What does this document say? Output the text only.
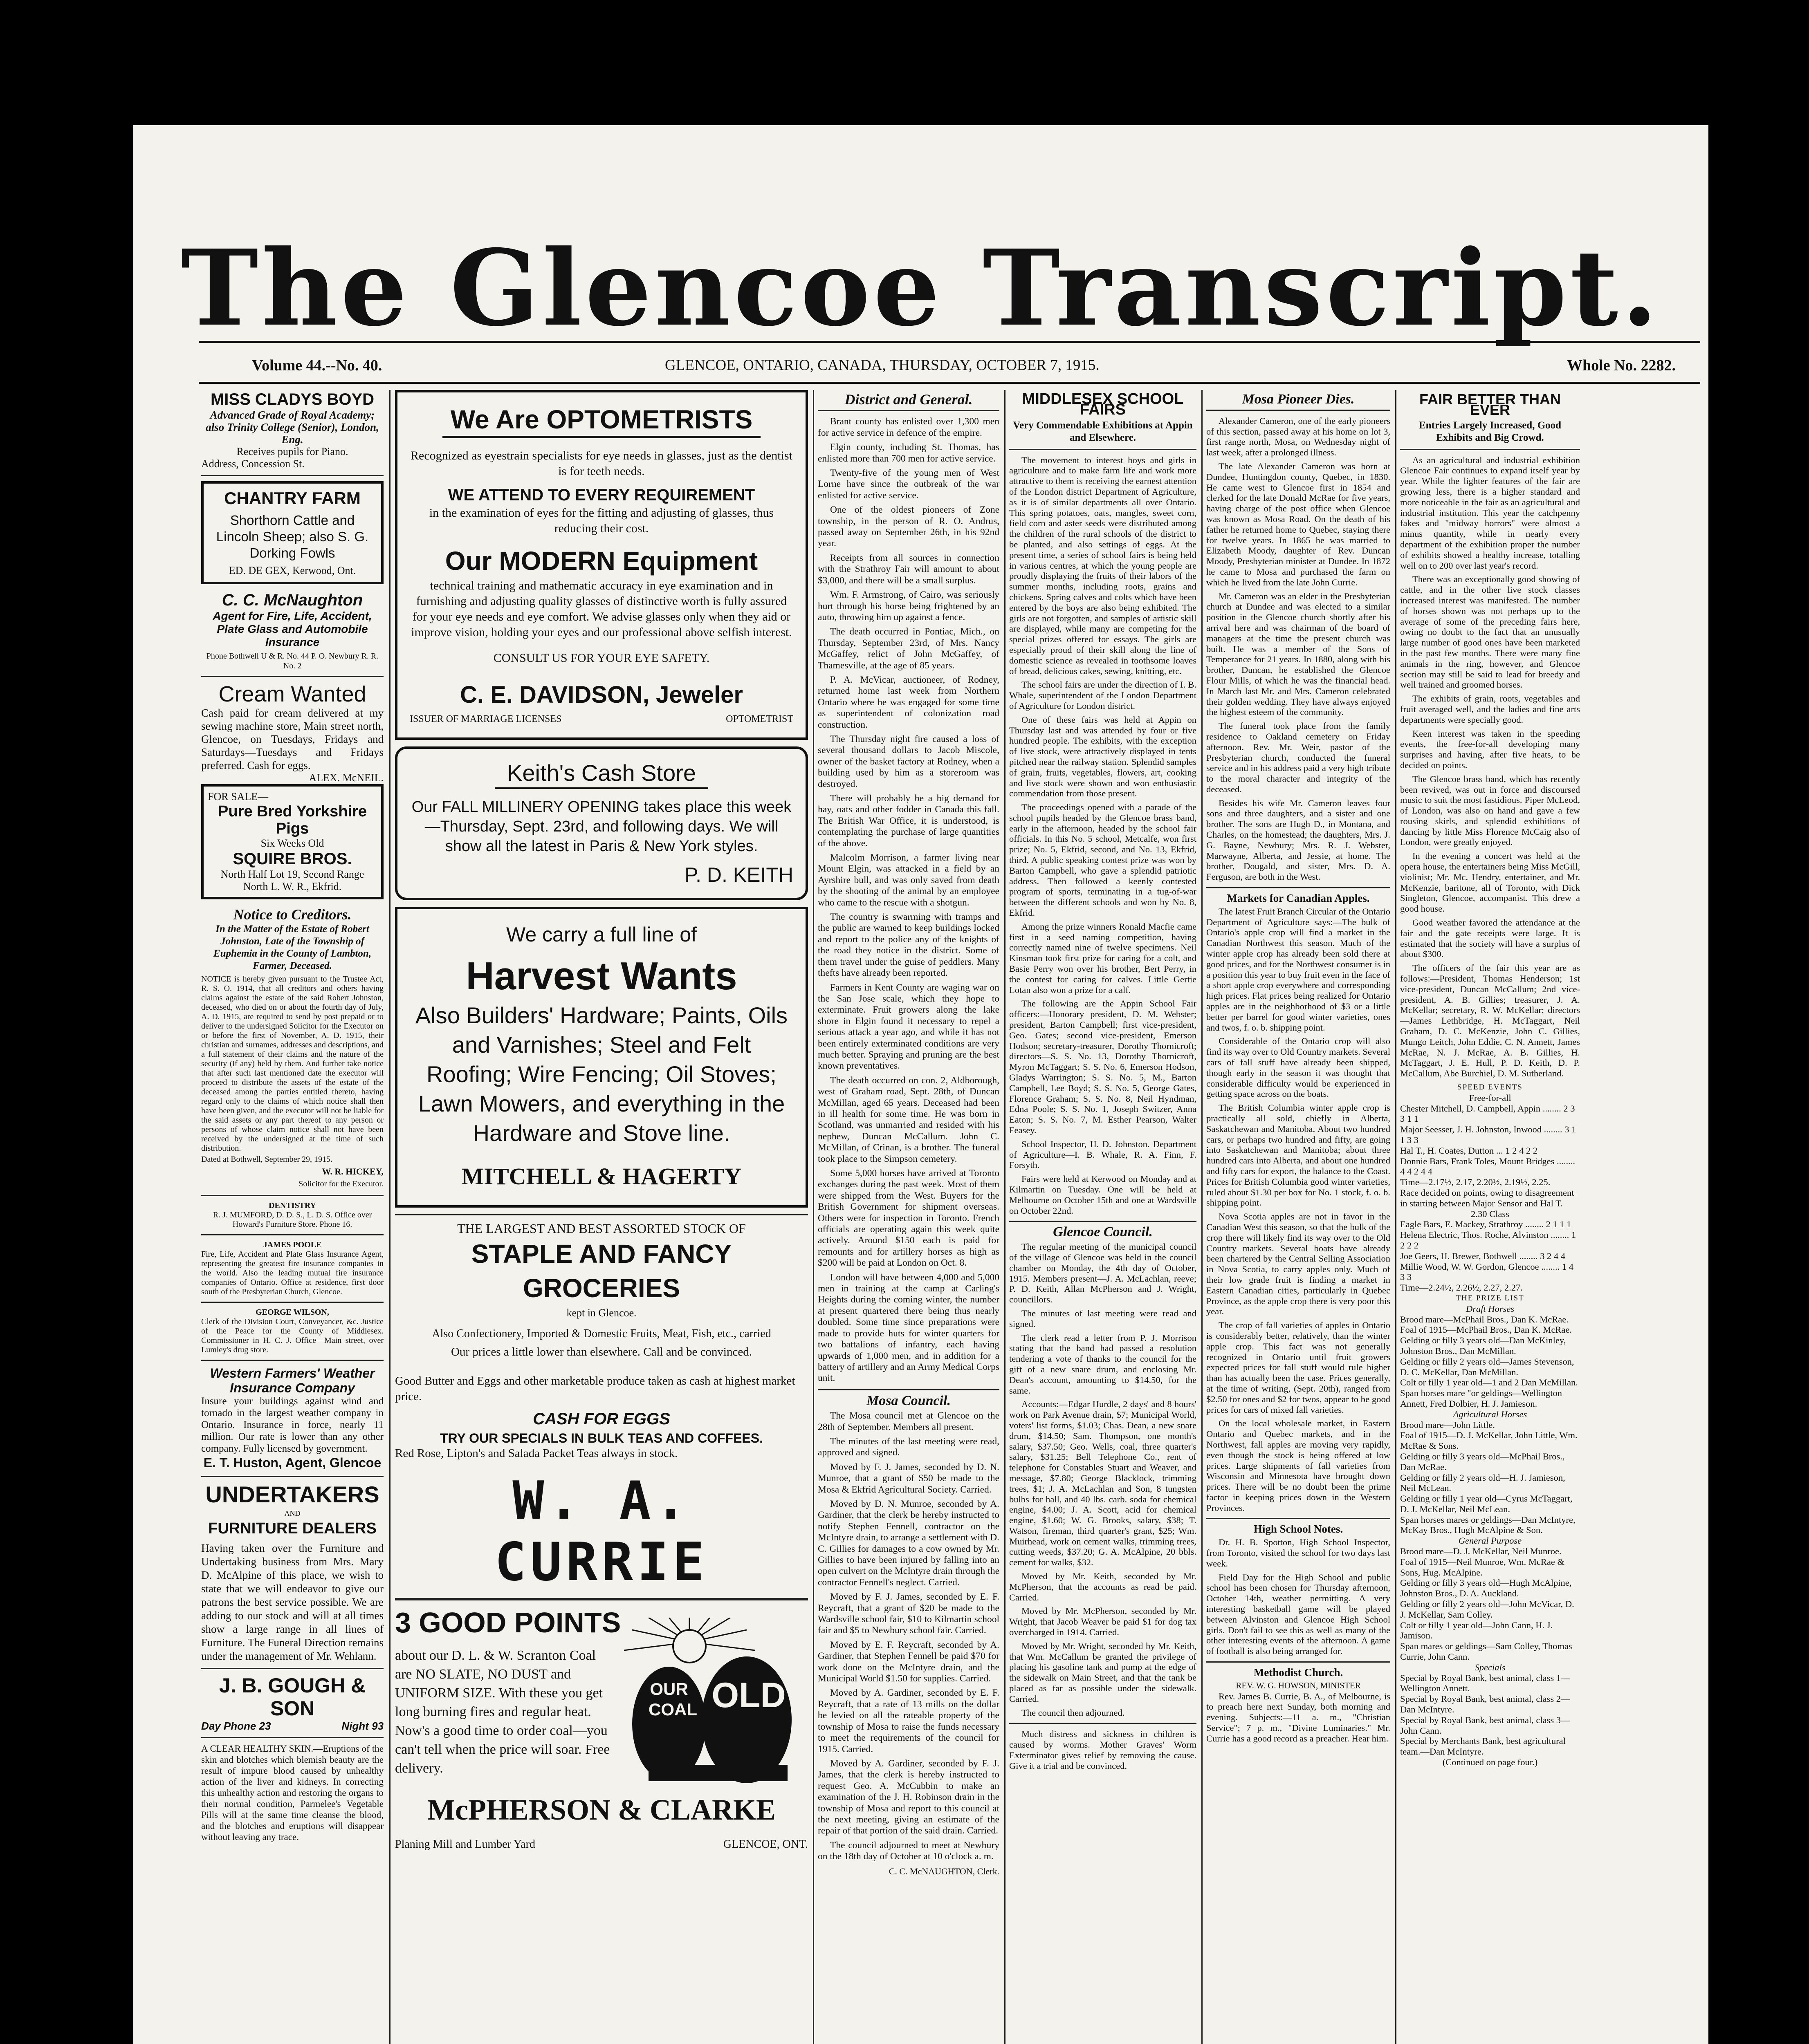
The Glencoe Transcript.
Volume 44.--No. 40.	GLENCOE, ONTARIO, CANADA, THURSDAY, OCTOBER 7, 1915.	Whole No. 2282.
MISS CLADYS BOYD
Advanced Grade of Royal Academy; also Trinity College (Senior), London, Eng.
Receives pupils for Piano.
Address, Concession St.
CHANTRY FARM
Shorthorn Cattle and Lincoln Sheep; also S. G. Dorking Fowls
ED. DE GEX, Kerwood, Ont.
C. C. McNaughton
Agent for Fire, Life, Accident, Plate Glass and Automobile Insurance
Phone Bothwell U & R. No. 44 P. O. Newbury R. R. No. 2
Cream Wanted
Cash paid for cream delivered at my sewing machine store, Main street north, Glencoe, on Tuesdays, Fridays and Saturdays—Tuesdays and Fridays preferred. Cash for eggs.
ALEX. McNEIL.
FOR SALE—
Pure Bred Yorkshire Pigs
Six Weeks Old
SQUIRE BROS.
North Half Lot 19, Second Range North L. W. R., Ekfrid.
Notice to Creditors.
In the Matter of the Estate of Robert Johnston, Late of the Township of Euphemia in the County of Lambton, Farmer, Deceased.
NOTICE is hereby given pursuant to the Trustee Act, R. S. O. 1914, that all creditors and others having claims against the estate of the said Robert Johnston, deceased, who died on or about the fourth day of July, A. D. 1915, are required to send by post prepaid or to deliver to the undersigned Solicitor for the Executor on or before the first of November, A. D. 1915, their christian and surnames, addresses and descriptions, and a full statement of their claims and the nature of the security (if any) held by them. And further take notice that after such last mentioned date the executor will proceed to distribute the assets of the estate of the deceased among the parties entitled thereto, having regard only to the claims of which notice shall then have been given, and the executor will not be liable for the said assets or any part thereof to any person or persons of whose claim notice shall not have been received by the undersigned at the time of such distribution.
Dated at Bothwell, September 29, 1915.
W. R. HICKEY,
Solicitor for the Executor.
DENTISTRY
R. J. MUMFORD, D. D. S., L. D. S. Office over Howard's Furniture Store. Phone 16.
JAMES POOLE
Fire, Life, Accident and Plate Glass Insurance Agent, representing the greatest fire insurance companies in the world. Also the leading mutual fire insurance companies of Ontario. Office at residence, first door south of the Presbyterian Church, Glencoe.
GEORGE WILSON,
Clerk of the Division Court, Conveyancer, &c. Justice of the Peace for the County of Middlesex. Commissioner in H. C. J. Office—Main street, over Lumley's drug store.
Western Farmers' Weather Insurance Company
Insure your buildings against wind and tornado in the largest weather company in Ontario. Insurance in force, nearly 11 million. Our rate is lower than any other company. Fully licensed by government.
E. T. Huston, Agent, Glencoe
UNDERTAKERS
AND
FURNITURE DEALERS
Having taken over the Furniture and Undertaking business from Mrs. Mary D. McAlpine of this place, we wish to state that we will endeavor to give our patrons the best service possible. We are adding to our stock and will at all times show a large range in all lines of Furniture. The Funeral Direction remains under the management of Mr. Wehlann.
J. B. GOUGH & SON
Day Phone 23	Night 93
A CLEAR HEALTHY SKIN.—Eruptions of the skin and blotches which blemish beauty are the result of impure blood caused by unhealthy action of the liver and kidneys. In correcting this unhealthy action and restoring the organs to their normal condition, Parmelee's Vegetable Pills will at the same time cleanse the blood, and the blotches and eruptions will disappear without leaving any trace.
We Are OPTOMETRISTS
Recognized as eyestrain specialists for eye needs in glasses, just as the dentist is for teeth needs.
WE ATTEND TO EVERY REQUIREMENT
in the examination of eyes for the fitting and adjusting of glasses, thus reducing their cost.
Our MODERN Equipment
technical training and mathematic accuracy in eye examination and in furnishing and adjusting quality glasses of distinctive worth is fully assured for your eye needs and eye comfort. We advise glasses only when they aid or improve vision, holding your eyes and our professional above selfish interest.
CONSULT US FOR YOUR EYE SAFETY.
C. E. DAVIDSON, Jeweler
ISSUER OF MARRIAGE LICENSES	OPTOMETRIST
Keith's Cash Store
Our FALL MILLINERY OPENING takes place this week—Thursday, Sept. 23rd, and following days. We will show all the latest in Paris & New York styles.
P. D. KEITH
We carry a full line of
Harvest Wants
Also Builders' Hardware; Paints, Oils and Varnishes; Steel and Felt Roofing; Wire Fencing; Oil Stoves; Lawn Mowers, and everything in the Hardware and Stove line.
MITCHELL & HAGERTY
THE LARGEST AND BEST ASSORTED STOCK OF
STAPLE AND FANCY GROCERIES
kept in Glencoe.
Also Confectionery, Imported & Domestic Fruits, Meat, Fish, etc., carried
Our prices a little lower than elsewhere. Call and be convinced.
Good Butter and Eggs and other marketable produce taken as cash at highest market price.
CASH FOR EGGS
TRY OUR SPECIALS IN BULK TEAS AND COFFEES.
Red Rose, Lipton's and Salada Packet Teas always in stock.
W. A. CURRIE
3 GOOD POINTS
about our D. L. & W. Scranton Coal are NO SLATE, NO DUST and UNIFORM SIZE. With these you get long burning fires and regular heat. Now's a good time to order coal—you can't tell when the price will soar. Free delivery.
OUR
COAL OLD
McPHERSON & CLARKE
Planing Mill and Lumber Yard	GLENCOE, ONT.
District and General.

Brant county has enlisted over 1,300 men for active service in defence of the empire.

Elgin county, including St. Thomas, has enlisted more than 700 men for active service.

Twenty-five of the young men of West Lorne have since the outbreak of the war enlisted for active service.

One of the oldest pioneers of Zone township, in the person of R. O. Andrus, passed away on September 26th, in his 92nd year.

Receipts from all sources in connection with the Strathroy Fair will amount to about $3,000, and there will be a small surplus.

Wm. F. Armstrong, of Cairo, was seriously hurt through his horse being frightened by an auto, throwing him up against a fence.

The death occurred in Pontiac, Mich., on Thursday, September 23rd, of Mrs. Nancy McGaffey, relict of John McGaffey, of Thamesville, at the age of 85 years.

P. A. McVicar, auctioneer, of Rodney, returned home last week from Northern Ontario where he was engaged for some time as superintendent of colonization road construction.

The Thursday night fire caused a loss of several thousand dollars to Jacob Miscole, owner of the basket factory at Rodney, when a building used by him as a storeroom was destroyed.

There will probably be a big demand for hay, oats and other fodder in Canada this fall. The British War Office, it is understood, is contemplating the purchase of large quantities of the above.

Malcolm Morrison, a farmer living near Mount Elgin, was attacked in a field by an Ayrshire bull, and was only saved from death by the shooting of the animal by an employee who came to the rescue with a shotgun.

The country is swarming with tramps and the public are warned to keep buildings locked and report to the police any of the knights of the road they notice in the district. Some of them travel under the guise of peddlers. Many thefts have already been reported.

Farmers in Kent County are waging war on the San Jose scale, which they hope to exterminate. Fruit growers along the lake shore in Elgin found it necessary to repel a serious attack a year ago, and while it has not been entirely exterminated conditions are very much better. Spraying and pruning are the best known preventatives.

The death occurred on con. 2, Aldborough, west of Graham road, Sept. 28th, of Duncan McMillan, aged 65 years. Deceased had been in ill health for some time. He was born in Scotland, was unmarried and resided with his nephew, Duncan McCallum. John C. McMillan, of Crinan, is a brother. The funeral took place to the Simpson cemetery.

Some 5,000 horses have arrived at Toronto exchanges during the past week. Most of them were shipped from the West. Buyers for the British Government for shipment overseas. Others were for inspection in Toronto. French officials are operating again this week quite actively. Around $150 each is paid for remounts and for artillery horses as high as $200 will be paid at London on Oct. 8.

London will have between 4,000 and 5,000 men in training at the camp at Carling's Heights during the coming winter, the number at present quartered there being thus nearly doubled. Some time since preparations were made to provide huts for winter quarters for two battalions of infantry, each having upwards of 1,000 men, and in addition for a battery of artillery and an Army Medical Corps unit.

Mosa Council.

The Mosa council met at Glencoe on the 28th of September. Members all present.

The minutes of the last meeting were read, approved and signed.

Moved by F. J. James, seconded by D. N. Munroe, that a grant of $50 be made to the Mosa & Ekfrid Agricultural Society. Carried.

Moved by D. N. Munroe, seconded by A. Gardiner, that the clerk be hereby instructed to notify Stephen Fennell, contractor on the McIntyre drain, to arrange a settlement with D. C. Gillies for damages to a cow owned by Mr. Gillies to have been injured by falling into an open culvert on the McIntyre drain through the contractor Fennell's neglect. Carried.

Moved by F. J. James, seconded by E. F. Reycraft, that a grant of $20 be made to the Wardsville school fair, $10 to Kilmartin school fair and $5 to Newbury school fair. Carried.

Moved by E. F. Reycraft, seconded by A. Gardiner, that Stephen Fennell be paid $70 for work done on the McIntyre drain, and the Municipal World $1.50 for supplies. Carried.

Moved by A. Gardiner, seconded by E. F. Reycraft, that a rate of 13 mills on the dollar be levied on all the rateable property of the township of Mosa to raise the funds necessary to meet the requirements of the council for 1915. Carried.

Moved by A. Gardiner, seconded by F. J. James, that the clerk is hereby instructed to request Geo. A. McCubbin to make an examination of the J. H. Robinson drain in the township of Mosa and report to this council at the next meeting, giving an estimate of the repair of that portion of the said drain. Carried.

The council adjourned to meet at Newbury on the 18th day of October at 10 o'clock a. m.

C. C. McNAUGHTON, Clerk.
MIDDLESEX SCHOOL FAIRS
Very Commendable Exhibitions at Appin and Elsewhere.

The movement to interest boys and girls in agriculture and to make farm life and work more attractive to them is receiving the earnest attention of the London district Department of Agriculture, as it is of similar departments all over Ontario. This spring potatoes, oats, mangles, sweet corn, field corn and aster seeds were distributed among the children of the rural schools of the district to be planted, and also settings of eggs. At the present time, a series of school fairs is being held in various centres, at which the young people are proudly displaying the fruits of their labors of the summer months, including roots, grains and chickens. Spring calves and colts which have been entered by the boys are also being exhibited. The girls are not forgotten, and samples of artistic skill are displayed, while many are competing for the special prizes offered for essays. The girls are especially proud of their skill along the line of domestic science as revealed in toothsome loaves of bread, delicious cakes, sewing, knitting, etc.

The school fairs are under the direction of I. B. Whale, superintendent of the London Department of Agriculture for London district.

One of these fairs was held at Appin on Thursday last and was attended by four or five hundred people. The exhibits, with the exception of live stock, were attractively displayed in tents pitched near the railway station. Splendid samples of grain, fruits, vegetables, flowers, art, cooking and live stock were shown and won enthusiastic commendation from those present.

The proceedings opened with a parade of the school pupils headed by the Glencoe brass band, early in the afternoon, headed by the school fair officials. In this No. 5 school, Metcalfe, won first prize; No. 5, Ekfrid, second, and No. 13, Ekfrid, third. A public speaking contest prize was won by Barton Campbell, who gave a splendid patriotic address. Then followed a keenly contested program of sports, terminating in a tug-of-war between the different schools and won by No. 8, Ekfrid.

Among the prize winners Ronald Macfie came first in a seed naming competition, having correctly named nine of twelve specimens. Neil Kinsman took first prize for caring for a colt, and Basie Perry won over his brother, Bert Perry, in the contest for caring for calves. Little Gertie Lotan also won a prize for a calf.

The following are the Appin School Fair officers:—Honorary president, D. M. Webster; president, Barton Campbell; first vice-president, Geo. Gates; second vice-president, Emerson Hodson; secretary-treasurer, Dorothy Thornicroft; directors—S. S. No. 13, Dorothy Thornicroft, Myron McTaggart; S. S. No. 6, Emerson Hodson, Gladys Warrington; S. S. No. 5, M., Barton Campbell, Lee Boyd; S. S. No. 5, George Gates, Florence Graham; S. S. No. 8, Neil Hyndman, Edna Poole; S. S. No. 1, Joseph Switzer, Anna Eaton; S. S. No. 7, M. Esther Pearson, Walter Feasey.

School Inspector, H. D. Johnston. Department of Agriculture—I. B. Whale, R. A. Finn, F. Forsyth.

Fairs were held at Kerwood on Monday and at Kilmartin on Tuesday. One will be held at Melbourne on October 15th and one at Wardsville on October 22nd.

Glencoe Council.

The regular meeting of the municipal council of the village of Glencoe was held in the council chamber on Monday, the 4th day of October, 1915. Members present—J. A. McLachlan, reeve; P. D. Keith, Allan McPherson and J. Wright, councillors.

The minutes of last meeting were read and signed.

The clerk read a letter from P. J. Morrison stating that the band had passed a resolution tendering a vote of thanks to the council for the gift of a new snare drum, and enclosing Mr. Dean's account, amounting to $14.50, for the same.

Accounts:—Edgar Hurdle, 2 days' and 8 hours' work on Park Avenue drain, $7; Municipal World, voters' list forms, $1.03; Chas. Dean, a new snare drum, $14.50; Sam. Thompson, one month's salary, $37.50; Geo. Wells, coal, three quarter's salary, $31.25; Bell Telephone Co., rent of telephone for Constables Stuart and Weaver, and message, $7.80; George Blacklock, trimming trees, $1; J. A. McLachlan and Son, 8 tungsten bulbs for hall, and 40 lbs. carb. soda for chemical engine, $4.00; J. A. Scott, acid for chemical engine, $1.60; W. G. Brooks, salary, $38; T. Watson, fireman, third quarter's grant, $25; Wm. Muirhead, work on cement walks, trimming trees, cutting weeds, $37.20; G. A. McAlpine, 20 bbls. cement for walks, $32.

Moved by Mr. Keith, seconded by Mr. McPherson, that the accounts as read be paid. Carried.

Moved by Mr. McPherson, seconded by Mr. Wright, that Jacob Weaver be paid $1 for dog tax overcharged in 1914. Carried.

Moved by Mr. Wright, seconded by Mr. Keith, that Wm. McCallum be granted the privilege of placing his gasoline tank and pump at the edge of the sidewalk on Main Street, and that the tank be placed as far as possible under the sidewalk. Carried.

The council then adjourned.

Much distress and sickness in children is caused by worms. Mother Graves' Worm Exterminator gives relief by removing the cause. Give it a trial and be convinced.

Mosa Pioneer Dies.

Alexander Cameron, one of the early pioneers of this section, passed away at his home on lot 3, first range north, Mosa, on Wednesday night of last week, after a prolonged illness.

The late Alexander Cameron was born at Dundee, Huntingdon county, Quebec, in 1830. He came west to Glencoe first in 1854 and clerked for the late Donald McRae for five years, having charge of the post office when Glencoe was known as Mosa Road. On the death of his father he returned home to Quebec, staying there for twelve years. In 1865 he was married to Elizabeth Moody, daughter of Rev. Duncan Moody, Presbyterian minister at Dundee. In 1872 he came to Mosa and purchased the farm on which he lived from the late John Currie.

Mr. Cameron was an elder in the Presbyterian church at Dundee and was elected to a similar position in the Glencoe church shortly after his arrival here and was chairman of the board of managers at the time the present church was built. He was a member of the Sons of Temperance for 21 years. In 1880, along with his brother, Duncan, he established the Glencoe Flour Mills, of which he was the financial head. In March last Mr. and Mrs. Cameron celebrated their golden wedding. They have always enjoyed the highest esteem of the community.

The funeral took place from the family residence to Oakland cemetery on Friday afternoon. Rev. Mr. Weir, pastor of the Presbyterian church, conducted the funeral service and in his address paid a very high tribute to the moral character and integrity of the deceased.

Besides his wife Mr. Cameron leaves four sons and three daughters, and a sister and one brother. The sons are Hugh D., in Montana, and Charles, on the homestead; the daughters, Mrs. J. G. Bayne, Newbury; Mrs. R. J. Webster, Marwayne, Alberta, and Jessie, at home. The brother, Dougald, and sister, Mrs. D. A. Ferguson, are both in the West.

Markets for Canadian Apples.

The latest Fruit Branch Circular of the Ontario Department of Agriculture says:—The bulk of Ontario's apple crop will find a market in the Canadian Northwest this season. Much of the winter apple crop has already been sold there at good prices, and for the Northwest consumer is in a position this year to buy fruit even in the face of a short apple crop everywhere and corresponding high prices. Flat prices being realized for Ontario apples are in the neighborhood of $3 or a little better per barrel for good winter varieties, ones and twos, f. o. b. shipping point.

Considerable of the Ontario crop will also find its way over to Old Country markets. Several cars of fall stuff have already been shipped, though early in the season it was thought that considerable difficulty would be experienced in getting space across on the boats.

The British Columbia winter apple crop is practically all sold, chiefly in Alberta, Saskatchewan and Manitoba. About two hundred cars, or perhaps two hundred and fifty, are going into Saskatchewan and Manitoba; about three hundred cars into Alberta, and about one hundred and fifty cars for export, the balance to the Coast. Prices for British Columbia good winter varieties, ruled about $1.30 per box for No. 1 stock, f. o. b. shipping point.

Nova Scotia apples are not in favor in the Canadian West this season, so that the bulk of the crop there will likely find its way over to the Old Country markets. Several boats have already been chartered by the Central Selling Association in Nova Scotia, to carry apples only. Much of their low grade fruit is finding a market in Eastern Canadian cities, particularly in Quebec Province, as the apple crop there is very poor this year.

The crop of fall varieties of apples in Ontario is considerably better, relatively, than the winter apple crop. This fact was not generally recognized in Ontario until fruit growers expected prices for fall stuff would rule higher than has actually been the case. Prices generally, at the time of writing, (Sept. 20th), ranged from $2.50 for ones and $2 for twos, appear to be good prices for cars of mixed fall varieties.

On the local wholesale market, in Eastern Ontario and Quebec markets, and in the Northwest, fall apples are moving very rapidly, even though the stock is being offered at low prices. Large shipments of fall varieties from Wisconsin and Minnesota have brought down prices. There will be no doubt been the prime factor in keeping prices down in the Western Provinces.

High School Notes.

Dr. H. B. Spotton, High School Inspector, from Toronto, visited the school for two days last week.

Field Day for the High School and public school has been chosen for Thursday afternoon, October 14th, weather permitting. A very interesting basketball game will be played between Alvinston and Glencoe High School girls. Don't fail to see this as well as many of the other interesting events of the afternoon. A game of football is also being arranged for.

Methodist Church.
REV. W. G. HOWSON, MINISTER

Rev. James B. Currie, B. A., of Melbourne, is to preach here next Sunday, both morning and evening. Subjects:—11 a. m., "Christian Service"; 7 p. m., "Divine Luminaries." Mr. Currie has a good record as a preacher. Hear him.

FAIR BETTER THAN EVER
Entries Largely Increased, Good Exhibits and Big Crowd.

As an agricultural and industrial exhibition Glencoe Fair continues to expand itself year by year. While the lighter features of the fair are growing less, there is a higher standard and more noticeable in the fair as an agricultural and industrial institution. This year the catchpenny fakes and "midway horrors" were almost a minus quantity, while in nearly every department of the exhibition proper the number of exhibits showed a healthy increase, totalling well on to 200 over last year's record.

There was an exceptionally good showing of cattle, and in the other live stock classes increased interest was manifested. The number of horses shown was not perhaps up to the average of some of the preceding fairs here, owing no doubt to the fact that an unusually large number of good ones have been marketed in the past few months. There were many fine animals in the ring, however, and Glencoe section may still be said to lead for breedy and well trained and groomed horses.

The exhibits of grain, roots, vegetables and fruit averaged well, and the ladies and fine arts departments were specially good.

Keen interest was taken in the speeding events, the free-for-all developing many surprises and having, after five heats, to be decided on points.

The Glencoe brass band, which has recently been revived, was out in force and discoursed music to suit the most fastidious. Piper McLeod, of London, was also on hand and gave a few rousing skirls, and splendid exhibitions of dancing by little Miss Florence McCaig also of London, were greatly enjoyed.

In the evening a concert was held at the opera house, the entertainers being Miss McGill, violinist; Mr. Mc. Hendry, entertainer, and Mr. McKenzie, baritone, all of Toronto, with Dick Singleton, Glencoe, accompanist. This drew a good house.

Good weather favored the attendance at the fair and the gate receipts were large. It is estimated that the society will have a surplus of about $300.

The officers of the fair this year are as follows:—President, Thomas Henderson; 1st vice-president, Duncan McCallum; 2nd vice-president, A. B. Gillies; treasurer, J. A. McKellar; secretary, R. W. McKellar; directors—James Lethbridge, H. McTaggart, Neil Graham, D. C. McKenzie, John C. Gillies, Mungo Leitch, John Eddie, C. N. Annett, James McRae, N. J. McRae, A. B. Gillies, H. McTaggart, J. E. Hull, P. D. Keith, D. P. McCallum, Abe Burchiel, D. M. Sutherland.

SPEED EVENTS
Free-for-all
Chester Mitchell, D. Campbell, Appin ........ 2 3 3 1 1
Major Seesser, J. H. Johnston, Inwood ........ 3 1 1 3 3
Hal T., H. Coates, Dutton ... 1 2 4 2 2
Donnie Bars, Frank Toles, Mount Bridges ........ 4 4 2 4 4
Time—2.17½, 2.17, 2.20½, 2.19½, 2.25.
Race decided on points, owing to disagreement in starting between Major Sensor and Hal T.
2.30 Class
Eagle Bars, E. Mackey, Strathroy ........ 2 1 1 1
Helena Electric, Thos. Roche, Alvinston ........ 1 2 2 2
Joe Geers, H. Brewer, Bothwell ........ 3 2 4 4
Millie Wood, W. W. Gordon, Glencoe ........ 1 4 3 3
Time—2.24½, 2.26½, 2.27, 2.27.
THE PRIZE LIST
Draft Horses
Brood mare—McPhail Bros., Dan K. McRae.
Foal of 1915—McPhail Bros., Dan K. McRae.
Gelding or filly 3 years old—Dan McKinley, Johnston Bros., Dan McMillan.
Gelding or filly 2 years old—James Stevenson, D. C. McKellar, Dan McMillan.
Colt or filly 1 year old—1 and 2 Dan McMillan.
Span horses mare "or geldings—Wellington Annett, Fred Dolbier, H. J. Jamieson.
Agricultural Horses
Brood mare—John Little.
Foal of 1915—D. J. McKellar, John Little, Wm. McRae & Sons.
Gelding or filly 3 years old—McPhail Bros., Dan McRae.
Gelding or filly 2 years old—H. J. Jamieson, Neil McLean.
Gelding or filly 1 year old—Cyrus McTaggart, D. J. McKellar, Neil McLean.
Span horses mares or geldings—Dan McIntyre, McKay Bros., Hugh McAlpine & Son.
General Purpose
Brood mare—D. J. McKellar, Neil Munroe.
Foal of 1915—Neil Munroe, Wm. McRae & Sons, Hug. McAlpine.
Gelding or filly 3 years old—Hugh McAlpine, Johnston Bros., D. A. Auckland.
Gelding or filly 2 years old—John McVicar, D. J. McKellar, Sam Colley.
Colt or filly 1 year old—John Cann, H. J. Jamison.
Span mares or geldings—Sam Colley, Thomas Currie, John Cann.
Specials
Special by Royal Bank, best animal, class 1—Wellington Annett.
Special by Royal Bank, best animal, class 2—Dan McIntyre.
Special by Royal Bank, best animal, class 3—John Cann.
Special by Merchants Bank, best agricultural team.—Dan McIntyre.
(Continued on page four.)
